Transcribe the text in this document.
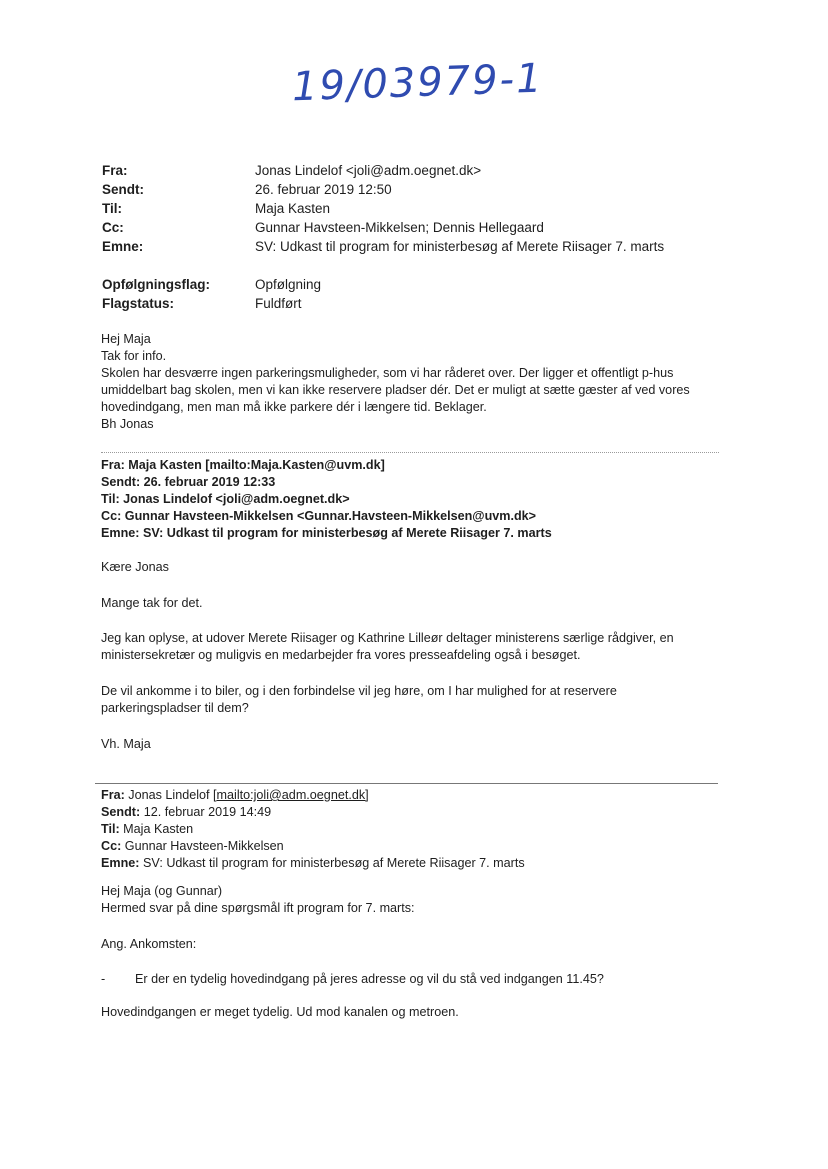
19/03979-1
Fra:	Jonas Lindelof <joli@adm.oegnet.dk>
Sendt:	26. februar 2019 12:50
Til:	Maja Kasten
Cc:	Gunnar Havsteen-Mikkelsen; Dennis Hellegaard
Emne:	SV: Udkast til program for ministerbesøg af Merete Riisager 7. marts
Opfølgningsflag:	Opfølgning
Flagstatus:	Fuldført
Hej Maja
Tak for info.
Skolen har desværre ingen parkeringsmuligheder, som vi har råderet over. Der ligger et offentligt p-hus
umiddelbart bag skolen, men vi kan ikke reservere pladser dér. Det er muligt at sætte gæster af ved vores
hovedindgang, men man må ikke parkere dér i længere tid. Beklager.
Bh Jonas
Fra: Maja Kasten [mailto:Maja.Kasten@uvm.dk]
Sendt: 26. februar 2019 12:33
Til: Jonas Lindelof <joli@adm.oegnet.dk>
Cc: Gunnar Havsteen-Mikkelsen <Gunnar.Havsteen-Mikkelsen@uvm.dk>
Emne: SV: Udkast til program for ministerbesøg af Merete Riisager 7. marts
Kære Jonas
Mange tak for det.
Jeg kan oplyse, at udover Merete Riisager og Kathrine Lilleør deltager ministerens særlige rådgiver, en
ministersekretær og muligvis en medarbejder fra vores presseafdeling også i besøget.
De vil ankomme i to biler, og i den forbindelse vil jeg høre, om I har mulighed for at reservere
parkeringspladser til dem?
Vh. Maja
Fra: Jonas Lindelof [mailto:joli@adm.oegnet.dk]
Sendt: 12. februar 2019 14:49
Til: Maja Kasten
Cc: Gunnar Havsteen-Mikkelsen
Emne: SV: Udkast til program for ministerbesøg af Merete Riisager 7. marts
Hej Maja (og Gunnar)
Hermed svar på dine spørgsmål ift program for 7. marts:
Ang. Ankomsten:
- Er der en tydelig hovedindgang på jeres adresse og vil du stå ved indgangen 11.45?
Hovedindgangen er meget tydelig. Ud mod kanalen og metroen.
